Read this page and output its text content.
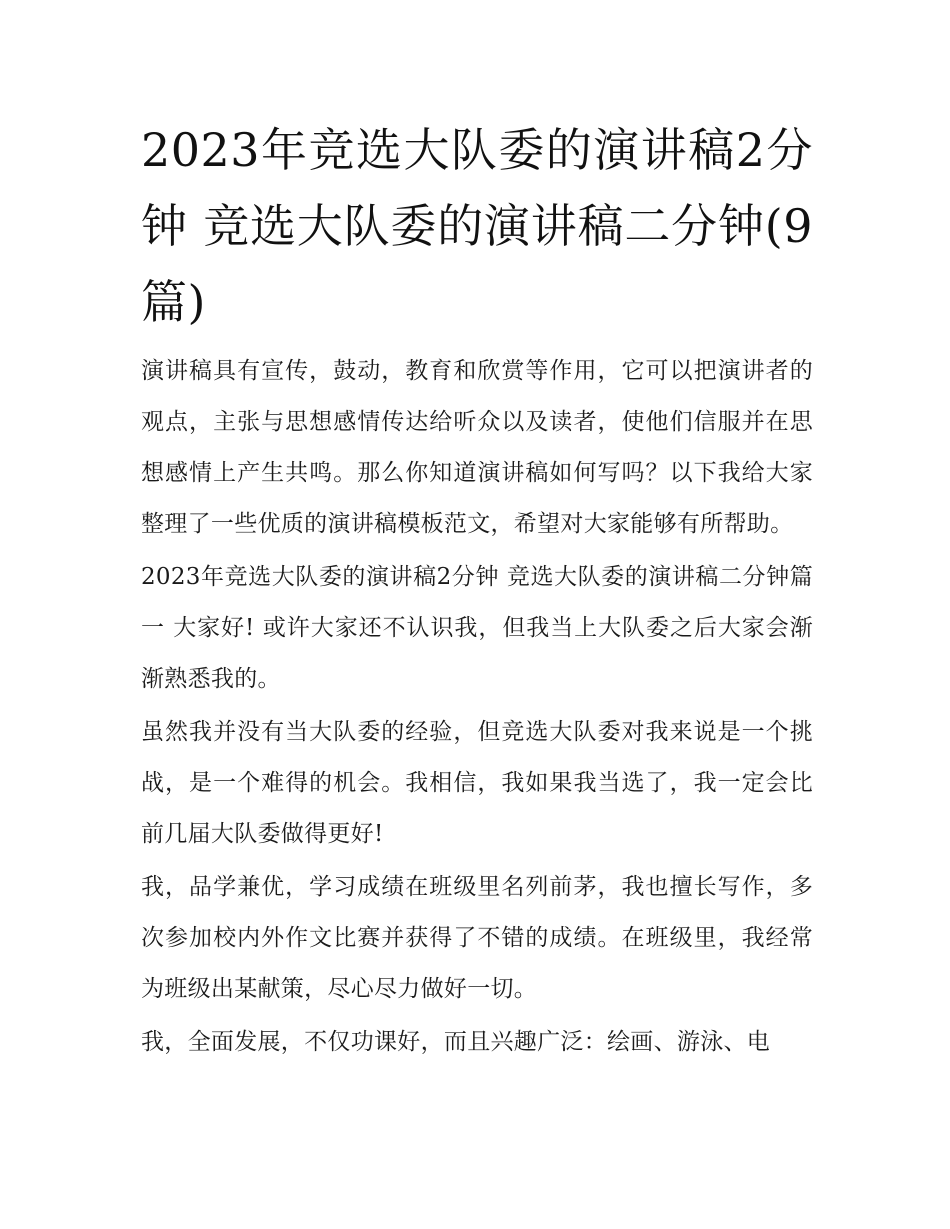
2023年竞选大队委的演讲稿2分钟 竞选大队委的演讲稿二分钟(9篇)

演讲稿具有宣传，鼓动，教育和欣赏等作用，它可以把演讲者的观点，主张与思想感情传达给听众以及读者，使他们信服并在思想感情上产生共鸣。那么你知道演讲稿如何写吗？以下我给大家整理了一些优质的演讲稿模板范文，希望对大家能够有所帮助。

2023年竞选大队委的演讲稿2分钟 竞选大队委的演讲稿二分钟篇一 大家好! 或许大家还不认识我，但我当上大队委之后大家会渐渐熟悉我的。

虽然我并没有当大队委的经验，但竞选大队委对我来说是一个挑战，是一个难得的机会。我相信，我如果我当选了，我一定会比前几届大队委做得更好!

我，品学兼优，学习成绩在班级里名列前茅，我也擅长写作，多次参加校内外作文比赛并获得了不错的成绩。在班级里，我经常为班级出某献策，尽心尽力做好一切。

我，全面发展，不仅功课好，而且兴趣广泛：绘画、游泳、电
